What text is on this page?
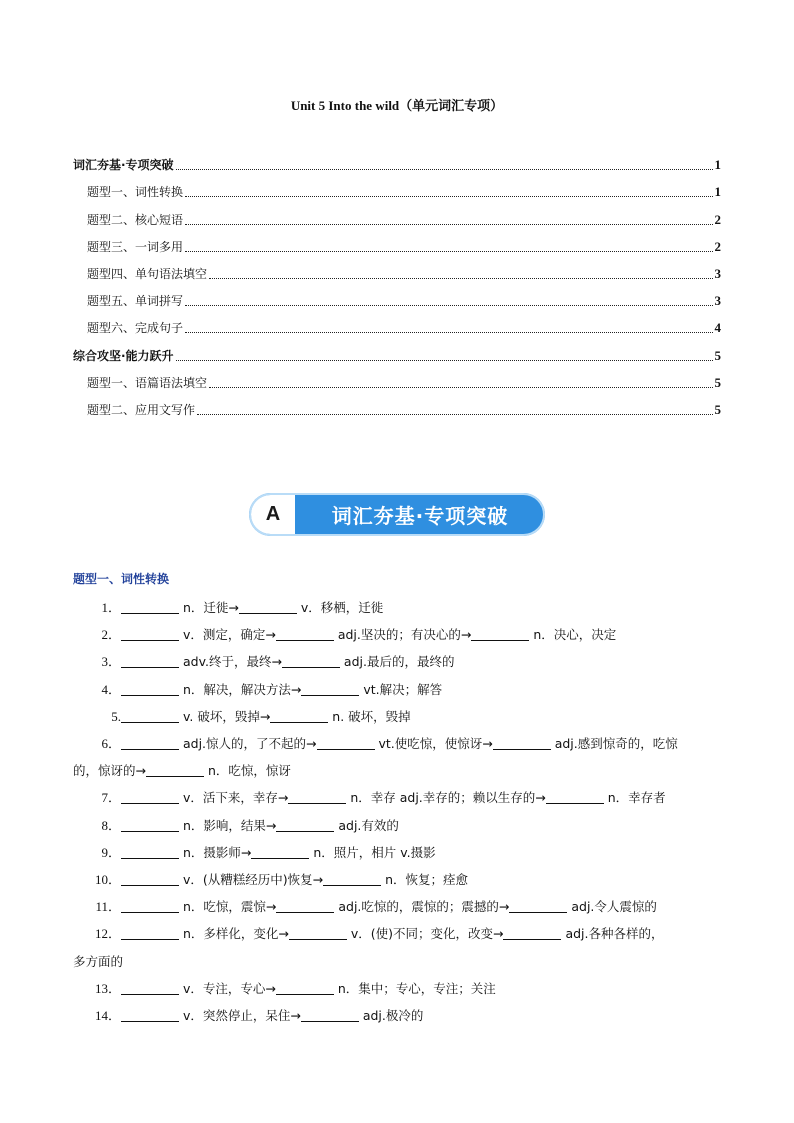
Unit 5 Into the wild（单元词汇专项）
词汇夯基·专项突破	1
题型一、词性转换	1
题型二、核心短语	2
题型三、一词多用	2
题型四、单句语法填空	3
题型五、单词拼写	3
题型六、完成句子	4
综合攻坚·能力跃升	5
题型一、语篇语法填空	5
题型二、应用文写作	5
A	词汇夯基·专项突破
题型一、词性转换
1．	n．迁徙→	v．移栖，迁徙
2．	v．测定，确定→	adj.坚决的；有决心的→	n．决心，决定
3．	adv.终于，最终→	adj.最后的，最终的
4．	n．解决，解决方法→	vt.解决；解答
5.	v. 破坏，毁掉→	n. 破坏，毁掉
6．	adj.惊人的，了不起的→	vt.使吃惊，使惊讶→	adj.感到惊奇的，吃惊
的，惊讶的→	n．吃惊，惊讶
7．	v．活下来，幸存→	n．幸存 adj.幸存的；赖以生存的→	n．幸存者
8．	n．影响，结果→	adj.有效的
9．	n．摄影师→	n．照片，相片 v.摄影
10．	v．(从糟糕经历中)恢复→	n．恢复；痊愈
11．	n．吃惊，震惊→	adj.吃惊的，震惊的；震撼的→	adj.令人震惊的
12．	n．多样化，变化→	v．(使)不同；变化，改变→	adj.各种各样的，
多方面的
13．	v．专注，专心→	n．集中；专心，专注；关注
14．	v．突然停止，呆住→	adj.极冷的
